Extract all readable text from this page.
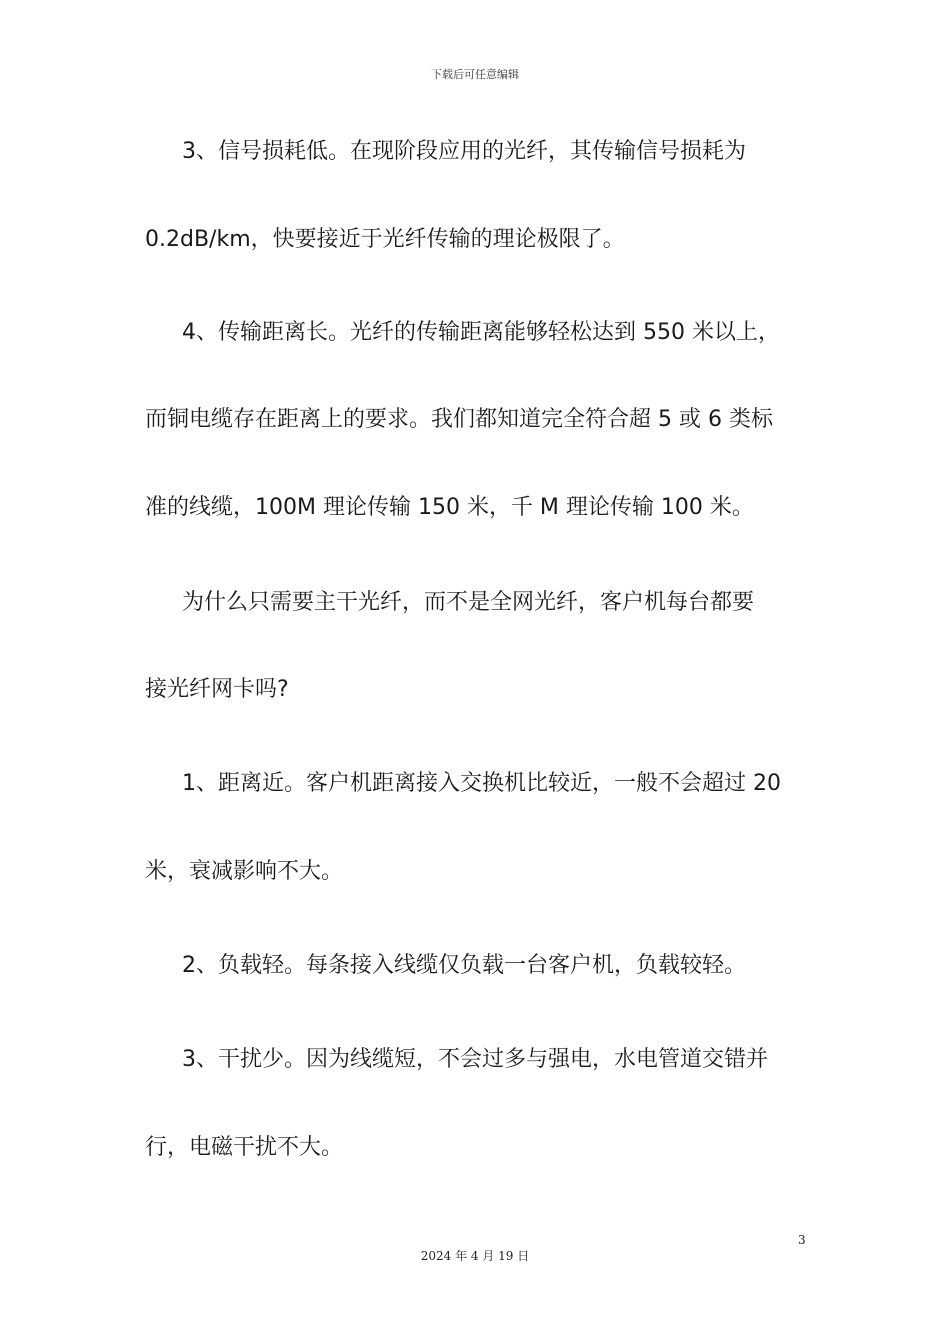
下载后可任意编辑
3、信号损耗低。在现阶段应用的光纤，其传输信号损耗为
0.2dB/km，快要接近于光纤传输的理论极限了。
4、传输距离长。光纤的传输距离能够轻松达到 550 米以上，
而铜电缆存在距离上的要求。我们都知道完全符合超 5 或 6 类标
准的线缆，100M 理论传输 150 米，千 M 理论传输 100 米。
为什么只需要主干光纤，而不是全网光纤，客户机每台都要
接光纤网卡吗?
1、距离近。客户机距离接入交换机比较近，一般不会超过 20
米，衰减影响不大。
2、负载轻。每条接入线缆仅负载一台客户机，负载较轻。
3、干扰少。因为线缆短，不会过多与强电，水电管道交错并
行，电磁干扰不大。
3
2024 年 4 月 19 日
